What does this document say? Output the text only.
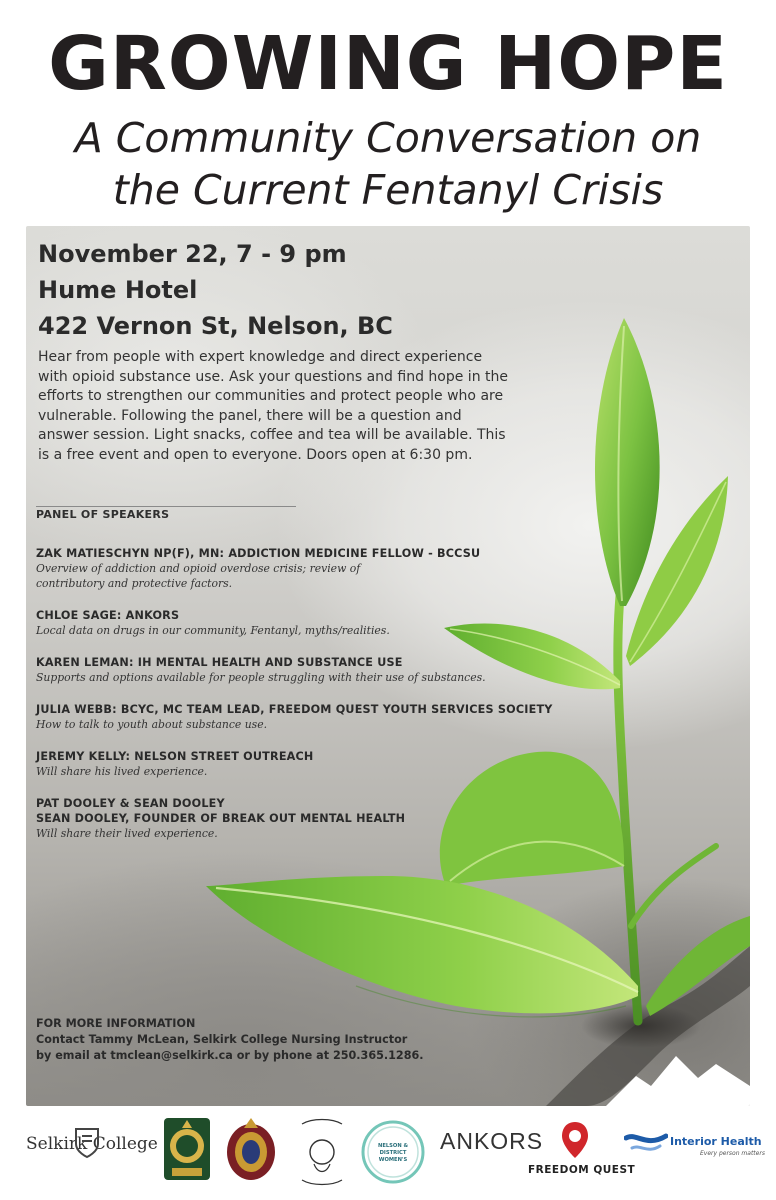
GROWING HOPE
A Community Conversation on
the Current Fentanyl Crisis

November 22, 7 - 9 pm

Hume Hotel

422 Vernon St, Nelson, BC

Hear from people with expert knowledge and direct experience with opioid substance use. Ask your questions and find hope in the efforts to strengthen our communities and protect people who are vulnerable. Following the panel, there will be a question and answer session. Light snacks, coffee and tea will be available. This is a free event and open to everyone. Doors open at 6:30 pm.
PANEL OF SPEAKERS
ZAK MATIESCHYN NP(F), MN: ADDICTION MEDICINE FELLOW - BCCSU
Overview of addiction and opioid overdose crisis; review of contributory and protective factors.
CHLOE SAGE: ANKORS
Local data on drugs in our community, Fentanyl, myths/realities.
KAREN LEMAN: IH MENTAL HEALTH AND SUBSTANCE USE
Supports and options available for people struggling with their use of substances.
JULIA WEBB: BCYC, MC TEAM LEAD, FREEDOM QUEST YOUTH SERVICES SOCIETY
How to talk to youth about substance use.
JEREMY KELLY: NELSON STREET OUTREACH
Will share his lived experience.
PAT DOOLEY & SEAN DOOLEY
SEAN DOOLEY, FOUNDER OF BREAK OUT MENTAL HEALTH
Will share their lived experience.
FOR MORE INFORMATION
Contact Tammy McLean, Selkirk College Nursing Instructor
by email at tmclean@selkirk.ca or by phone at 250.365.1286.
Selkirk College	NELSON &
DISTRICT
WOMEN'S
ANKORS
FREEDOM QUEST
Interior Health
Every person matters
